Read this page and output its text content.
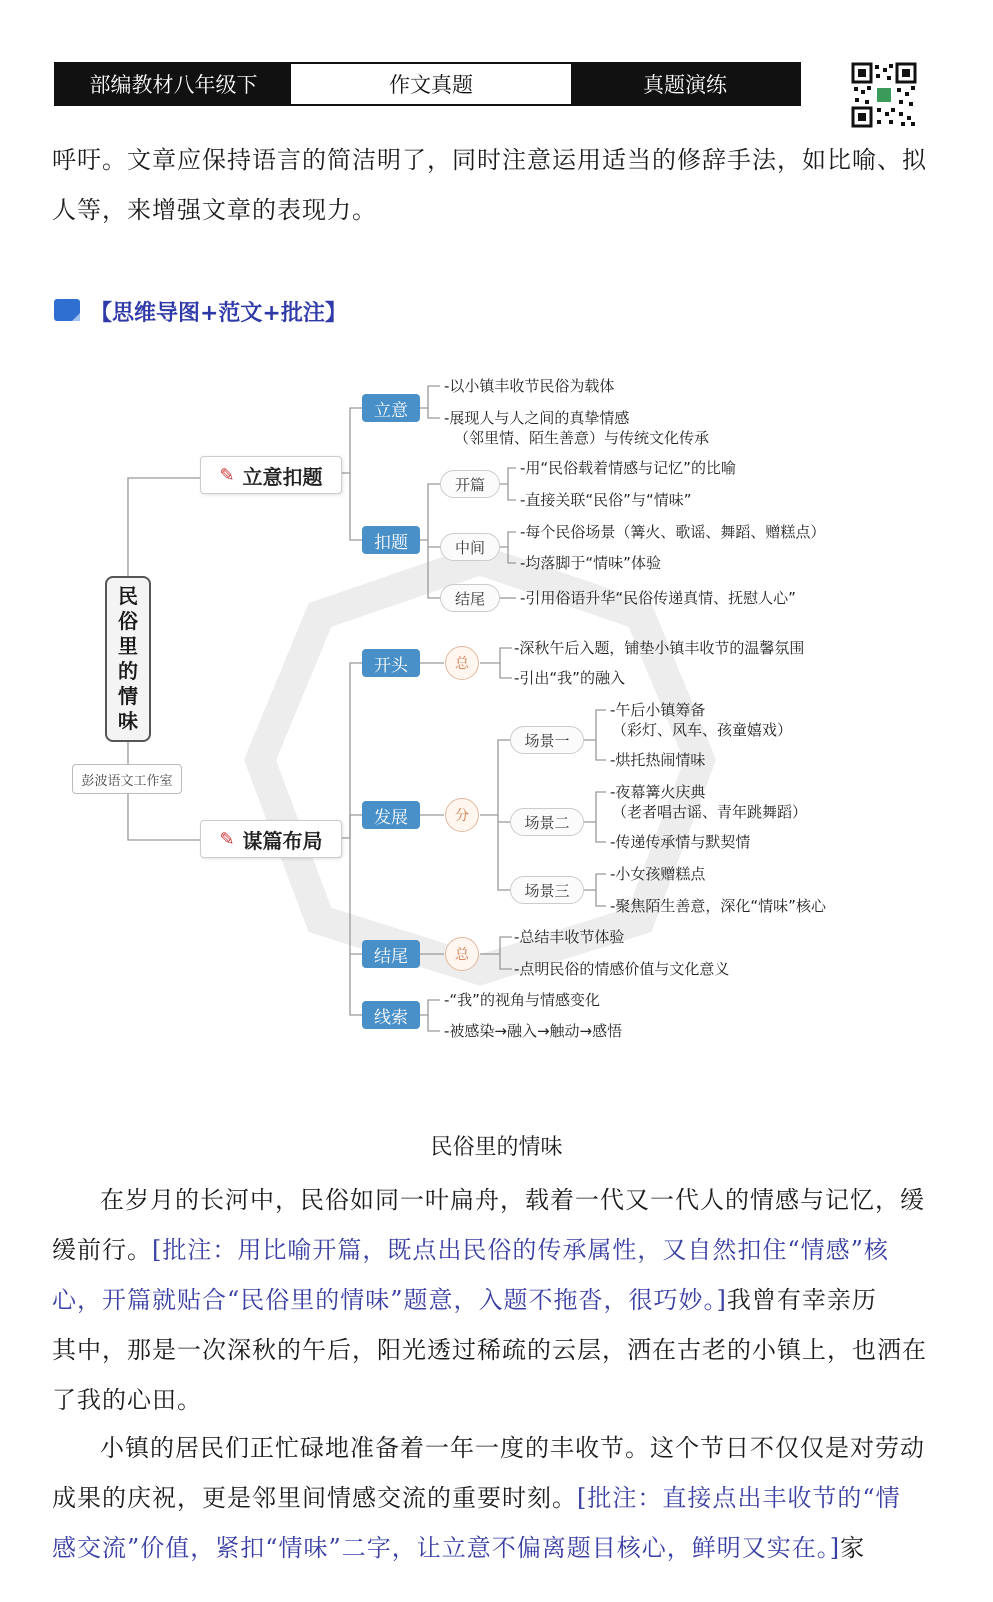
部编教材八年级下	作文真题	真题演练
呼吁。文章应保持语言的简洁明了，同时注意运用适当的修辞手法，如比喻、拟
人等，来增强文章的表现力。
【思维导图+范文+批注】
民
俗
里
的
情
味
彭波语文工作室
✎ 立意扣题
✎ 谋篇布局
立意
扣题
-以小镇丰收节民俗为载体
-展现人与人之间的真挚情感
（邻里情、陌生善意）与传统文化传承
开篇
中间
结尾
-用“民俗载着情感与记忆”的比喻
-直接关联“民俗”与“情味”
-每个民俗场景（篝火、歌谣、舞蹈、赠糕点）
-均落脚于“情味”体验
-引用俗语升华“民俗传递真情、抚慰人心”
开头
发展
结尾
线索
总
分
总
-深秋午后入题，铺垫小镇丰收节的温馨氛围
-引出“我”的融入
场景一
场景二
场景三
-午后小镇筹备
（彩灯、风车、孩童嬉戏）
-烘托热闹情味
-夜幕篝火庆典
（老者唱古谣、青年跳舞蹈）
-传递传承情与默契情
-小女孩赠糕点
-聚焦陌生善意，深化“情味”核心
-总结丰收节体验
-点明民俗的情感价值与文化意义
-“我”的视角与情感变化
-被感染→融入→触动→感悟
民俗里的情味
在岁月的长河中，民俗如同一叶扁舟，载着一代又一代人的情感与记忆，缓
缓前行。[批注：用比喻开篇，既点出民俗的传承属性，又自然扣住“情感”核
心，开篇就贴合“民俗里的情味”题意，入题不拖沓，很巧妙。]我曾有幸亲历
其中，那是一次深秋的午后，阳光透过稀疏的云层，洒在古老的小镇上，也洒在
了我的心田。
小镇的居民们正忙碌地准备着一年一度的丰收节。这个节日不仅仅是对劳动
成果的庆祝，更是邻里间情感交流的重要时刻。[批注：直接点出丰收节的“情
感交流”价值，紧扣“情味”二字，让立意不偏离题目核心，鲜明又实在。]家
